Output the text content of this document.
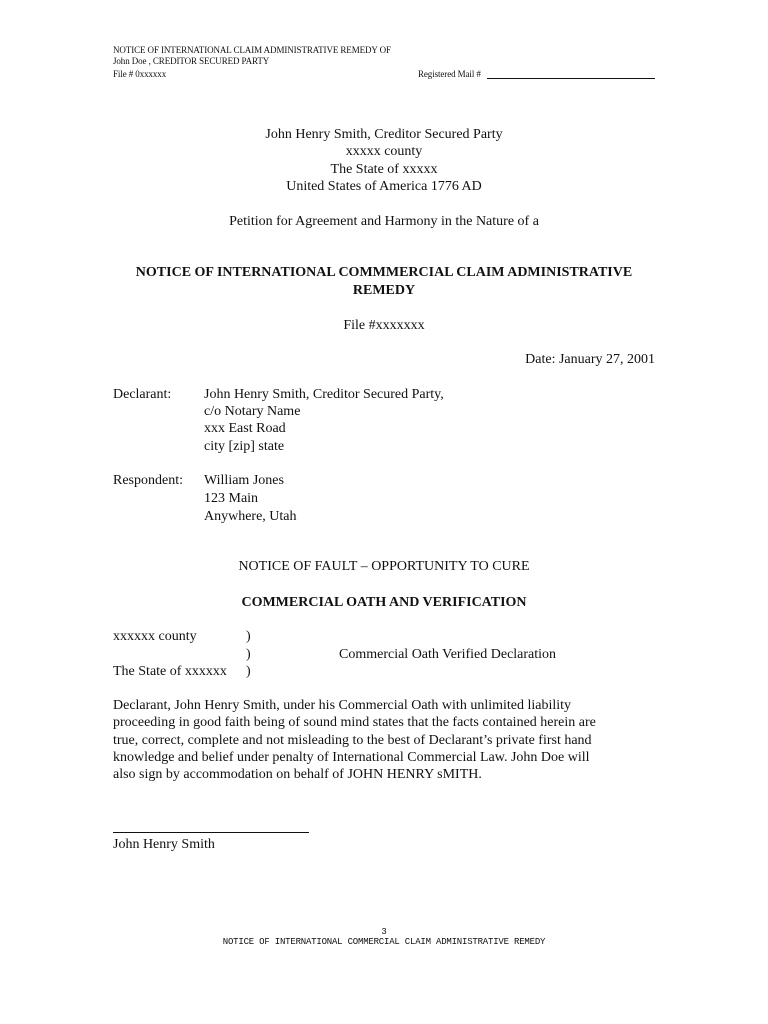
NOTICE OF INTERNATIONAL CLAIM ADMINISTRATIVE REMEDY OF
John Doe , CREDITOR SECURED PARTY
File # 0xxxxxx	Registered Mail #
John Henry Smith, Creditor Secured Party
xxxxx county
The State of xxxxx
United States of America 1776 AD
Petition for Agreement and Harmony in the Nature of a
NOTICE OF INTERNATIONAL COMMMERCIAL CLAIM ADMINISTRATIVE
REMEDY
File #xxxxxxx
Date: January 27, 2001
Declarant: John Henry Smith, Creditor Secured Party,
c/o Notary Name
xxx East Road
city [zip] state
Respondent: William Jones
123 Main
Anywhere, Utah
NOTICE OF FAULT – OPPORTUNITY TO CURE
COMMERCIAL OATH AND VERIFICATION
xxxxxx county	)
)	Commercial Oath Verified Declaration
The State of xxxxxx )
Declarant, John Henry Smith, under his Commercial Oath with unlimited liability
proceeding in good faith being of sound mind states that the facts contained herein are
true, correct, complete and not misleading to the best of Declarant’s private first hand
knowledge and belief under penalty of International Commercial Law. John Doe will
also sign by accommodation on behalf of JOHN HENRY sMITH.
John Henry Smith
3
NOTICE OF INTERNATIONAL COMMERCIAL CLAIM ADMINISTRATIVE REMEDY
